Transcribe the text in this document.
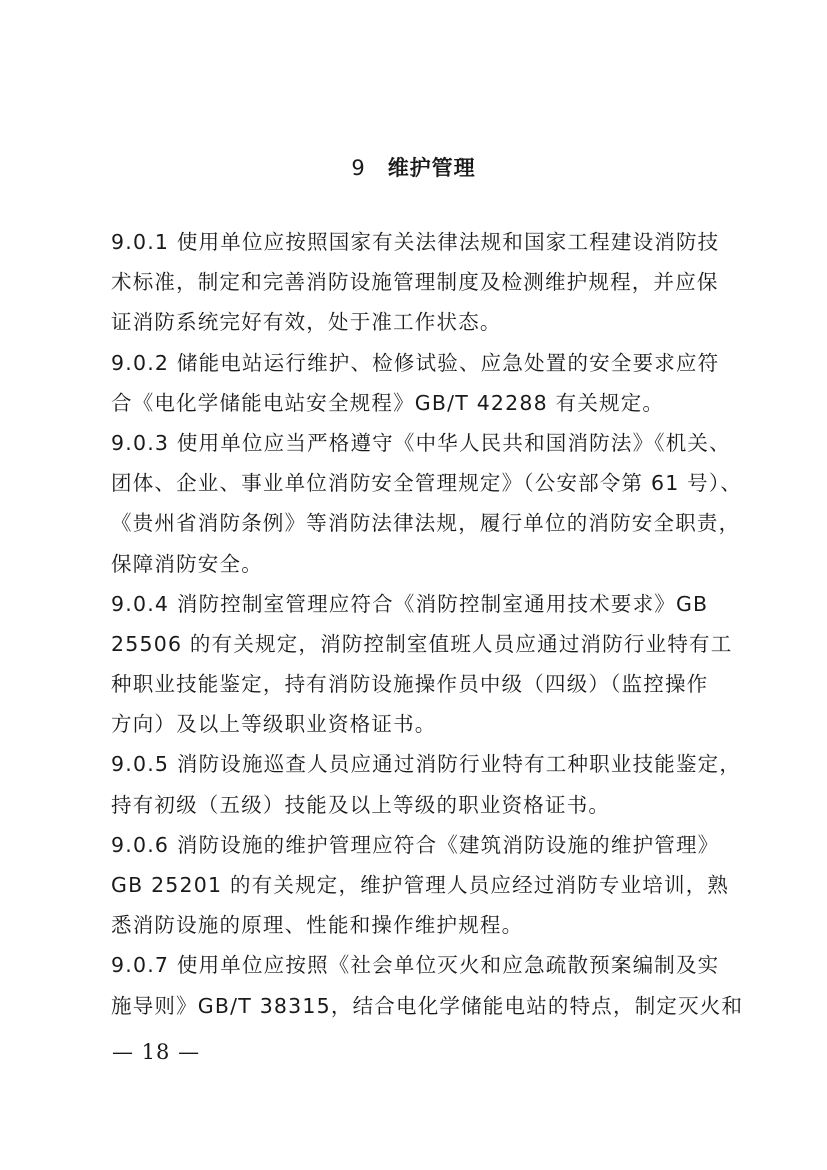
9 维护管理
9.0.1 使用单位应按照国家有关法律法规和国家工程建设消防技
术标准，制定和完善消防设施管理制度及检测维护规程，并应保
证消防系统完好有效，处于准工作状态。
9.0.2 储能电站运行维护、检修试验、应急处置的安全要求应符
合《电化学储能电站安全规程》GB/T 42288 有关规定。
9.0.3 使用单位应当严格遵守《中华人民共和国消防法》《机关、
团体、企业、事业单位消防安全管理规定》（公安部令第 61 号）、
《贵州省消防条例》等消防法律法规，履行单位的消防安全职责，
保障消防安全。
9.0.4 消防控制室管理应符合《消防控制室通用技术要求》GB
25506 的有关规定，消防控制室值班人员应通过消防行业特有工
种职业技能鉴定，持有消防设施操作员中级（四级）（监控操作
方向）及以上等级职业资格证书。
9.0.5 消防设施巡查人员应通过消防行业特有工种职业技能鉴定，
持有初级（五级）技能及以上等级的职业资格证书。
9.0.6 消防设施的维护管理应符合《建筑消防设施的维护管理》
GB 25201 的有关规定，维护管理人员应经过消防专业培训，熟
悉消防设施的原理、性能和操作维护规程。
9.0.7 使用单位应按照《社会单位灭火和应急疏散预案编制及实
施导则》GB/T 38315，结合电化学储能电站的特点，制定灭火和
— 18 —
